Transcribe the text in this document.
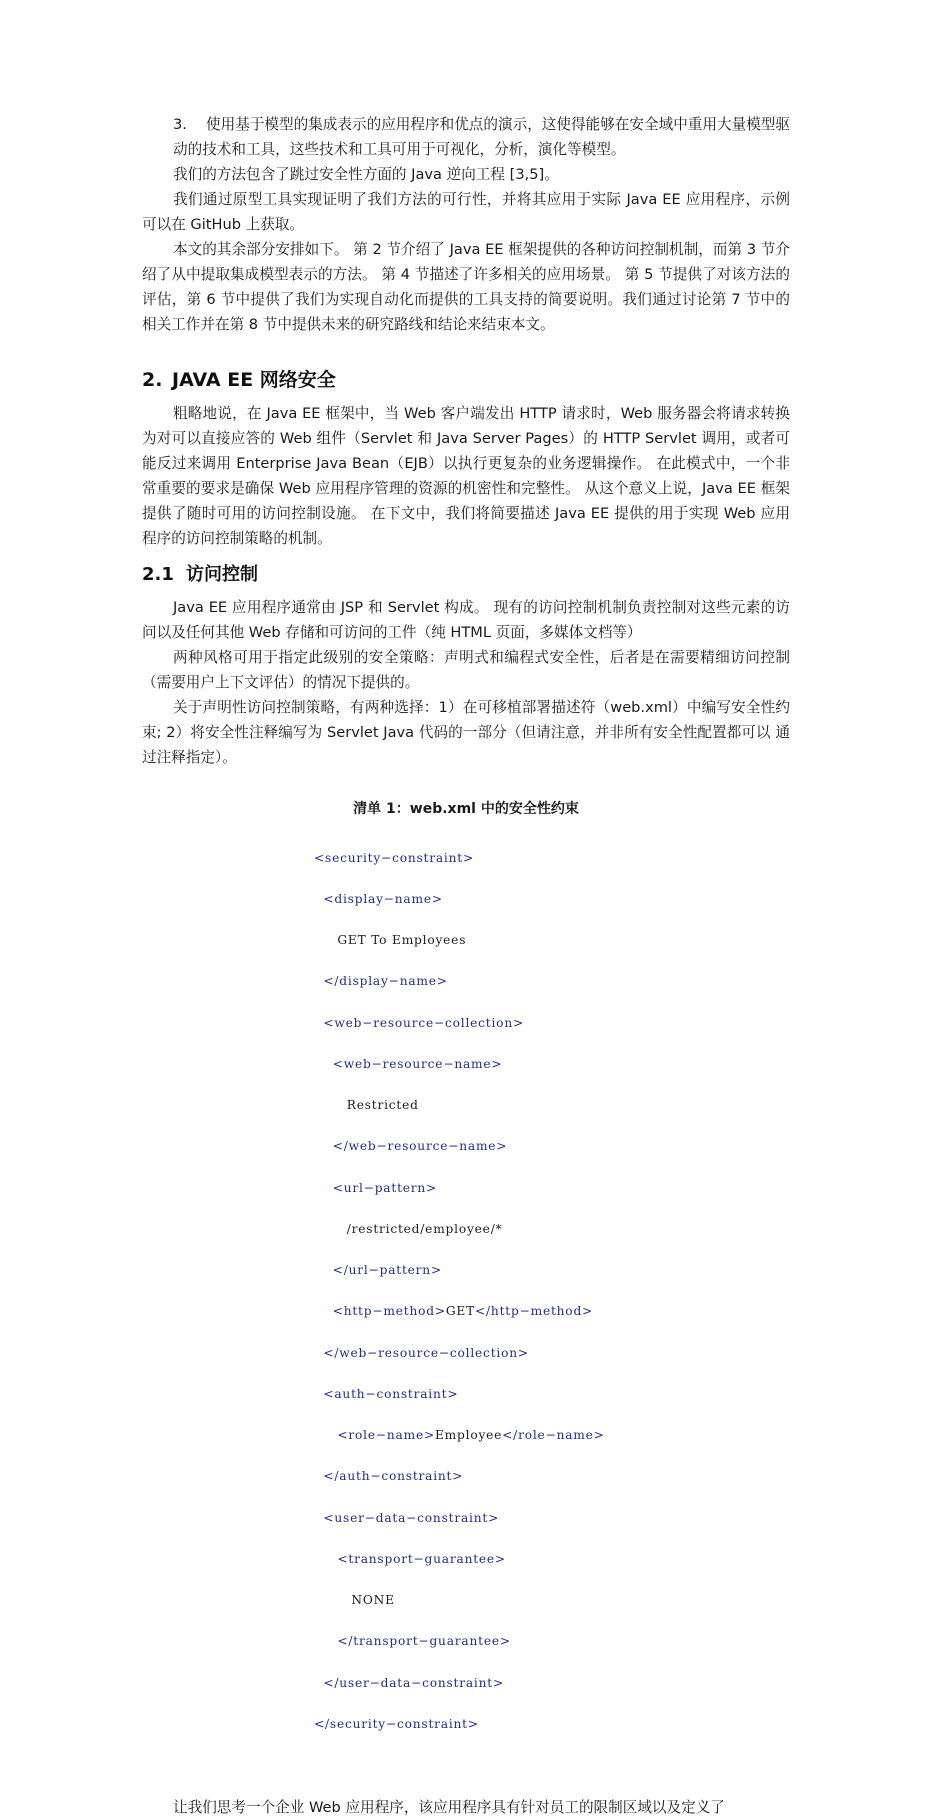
3. 使用基于模型的集成表示的应用程序和优点的演示，这使得能够在安全域中重用大量模型驱动的技术和工具，这些技术和工具可用于可视化，分析，演化等模型。

我们的方法包含了跳过安全性方面的 Java 逆向工程 [3,5]。

我们通过原型工具实现证明了我们方法的可行性，并将其应用于实际 Java EE 应用程序，示例可以在 GitHub 上获取。

本文的其余部分安排如下。 第 2 节介绍了 Java EE 框架提供的各种访问控制机制，而第 3 节介绍了从中提取集成模型表示的方法。 第 4 节描述了许多相关的应用场景。 第 5 节提供了对该方法的评估，第 6 节中提供了我们为实现自动化而提供的工具支持的简要说明。我们通过讨论第 7 节中的相关工作并在第 8 节中提供未来的研究路线和结论来结束本文。

2. JAVA EE 网络安全

粗略地说，在 Java EE 框架中，当 Web 客户端发出 HTTP 请求时，Web 服务器会将请求转换为对可以直接应答的 Web 组件（Servlet 和 Java Server Pages）的 HTTP Servlet 调用，或者可能反过来调用 Enterprise Java Bean（EJB）以执行更复杂的业务逻辑操作。 在此模式中，一个非常重要的要求是确保 Web 应用程序管理的资源的机密性和完整性。 从这个意义上说，Java EE 框架提供了随时可用的访问控制设施。 在下文中，我们将简要描述 Java EE 提供的用于实现 Web 应用程序的访问控制策略的机制。

2.1 访问控制

Java EE 应用程序通常由 JSP 和 Servlet 构成。 现有的访问控制机制负责控制对这些元素的访问以及任何其他 Web 存储和可访问的工件（纯 HTML 页面，多媒体文档等）

两种风格可用于指定此级别的安全策略：声明式和编程式安全性，后者是在需要精细访问控制（需要用户上下文评估）的情况下提供的。

关于声明性访问控制策略，有两种选择：1）在可移植部署描述符（web.xml）中编写安全性约束; 2）将安全性注释编写为 Servlet Java 代码的一部分（但请注意，并非所有安全性配置都可以 通过注释指定）。

清单 1：web.xml 中的安全性约束

<security−constraint>

<display−name>

GET To Employees

</display−name>

<web−resource−collection>

<web−resource−name>

Restricted

</web−resource−name>

<url−pattern>

/restricted/employee/*

</url−pattern>

<http−method>GET</http−method>

</web−resource−collection>

<auth−constraint>

<role−name>Employee</role−name>

</auth−constraint>

<user−data−constraint>

<transport−guarantee>

NONE

</transport−guarantee>

</user−data−constraint>

</security−constraint>

让我们思考一个企业 Web 应用程序，该应用程序具有针对员工的限制区域以及定义了
